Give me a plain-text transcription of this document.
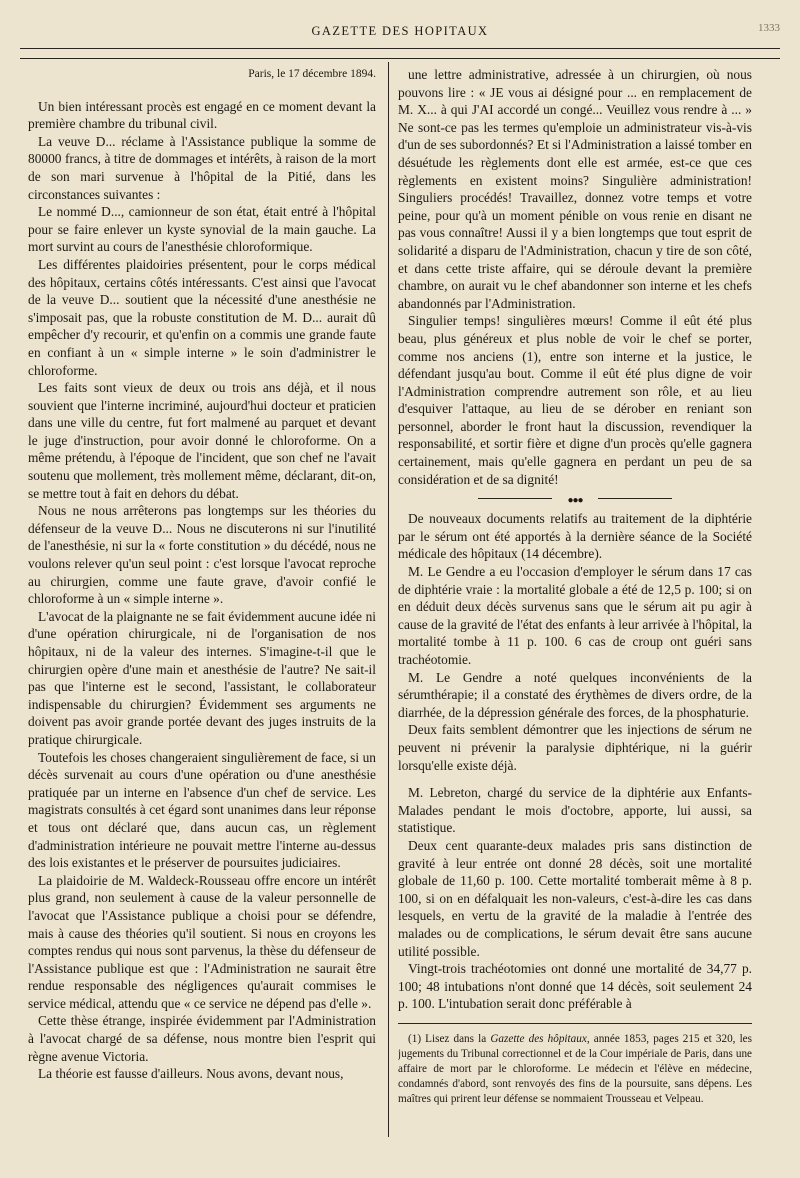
GAZETTE DES HOPITAUX	1333

Paris, le 17 décembre 1894.

Un bien intéressant procès est engagé en ce moment devant la première chambre du tribunal civil.

La veuve D... réclame à l'Assistance publique la somme de 80000 francs, à titre de dommages et intérêts, à raison de la mort de son mari survenue à l'hôpital de la Pitié, dans les circonstances suivantes :

Le nommé D..., camionneur de son état, était entré à l'hôpital pour se faire enlever un kyste synovial de la main gauche. La mort survint au cours de l'anesthésie chloroformique.

Les différentes plaidoiries présentent, pour le corps médical des hôpitaux, certains côtés intéressants. C'est ainsi que l'avocat de la veuve D... soutient que la nécessité d'une anesthésie ne s'imposait pas, que la robuste constitution de M. D... aurait dû empêcher d'y recourir, et qu'enfin on a commis une grande faute en confiant à un « simple interne » le soin d'administrer le chloroforme.

Les faits sont vieux de deux ou trois ans déjà, et il nous souvient que l'interne incriminé, aujourd'hui docteur et praticien dans une ville du centre, fut fort malmené au parquet et devant le juge d'instruction, pour avoir donné le chloroforme. On a même prétendu, à l'époque de l'incident, que son chef ne l'avait soutenu que mollement, très mollement même, déclarant, dit-on, se mettre tout à fait en dehors du débat.

Nous ne nous arrêterons pas longtemps sur les théories du défenseur de la veuve D... Nous ne discuterons ni sur l'inutilité de l'anesthésie, ni sur la « forte constitution » du décédé, nous ne voulons relever qu'un seul point : c'est lorsque l'avocat reproche au chirurgien, comme une faute grave, d'avoir confié le chloroforme à un « simple interne ».

L'avocat de la plaignante ne se fait évidemment aucune idée ni d'une opération chirurgicale, ni de l'organisation de nos hôpitaux, ni de la valeur des internes. S'imagine-t-il que le chirurgien opère d'une main et anesthésie de l'autre? Ne sait-il pas que l'interne est le second, l'assistant, le collaborateur indispensable du chirurgien? Évidemment ses arguments ne doivent pas avoir grande portée devant des juges instruits de la pratique chirurgicale.

Toutefois les choses changeraient singulièrement de face, si un décès survenait au cours d'une opération ou d'une anesthésie pratiquée par un interne en l'absence d'un chef de service. Les magistrats consultés à cet égard sont unanimes dans leur réponse et tous ont déclaré que, dans aucun cas, un règlement d'administration intérieure ne pouvait mettre l'interne au-dessus des lois existantes et le préserver de poursuites judiciaires.

La plaidoirie de M. Waldeck-Rousseau offre encore un intérêt plus grand, non seulement à cause de la valeur personnelle de l'avocat que l'Assistance publique a choisi pour se défendre, mais à cause des théories qu'il soutient. Si nous en croyons les comptes rendus qui nous sont parvenus, la thèse du défenseur de l'Assistance publique est que : l'Administration ne saurait être rendue responsable des négligences qu'aurait commises le service médical, attendu que « ce service ne dépend pas d'elle ».

Cette thèse étrange, inspirée évidemment par l'Administration à l'avocat chargé de sa défense, nous montre bien l'esprit qui règne avenue Victoria.

La théorie est fausse d'ailleurs. Nous avons, devant nous,

une lettre administrative, adressée à un chirurgien, où nous pouvons lire : « JE vous ai désigné pour ... en remplacement de M. X... à qui J'AI accordé un congé... Veuillez vous rendre à ... » Ne sont-ce pas les termes qu'emploie un administrateur vis-à-vis d'un de ses subordonnés? Et si l'Administration a laissé tomber en désuétude les règlements dont elle est armée, est-ce que ces règlements en existent moins? Singulière administration! Singuliers procédés! Travaillez, donnez votre temps et votre peine, pour qu'à un moment pénible on vous renie en disant ne pas vous connaître! Aussi il y a bien longtemps que tout esprit de solidarité a disparu de l'Administration, chacun y tire de son côté, et dans cette triste affaire, qui se déroule devant la première chambre, on aurait vu le chef abandonner son interne et les chefs abandonnés par l'Administration.

Singulier temps! singulières mœurs! Comme il eût été plus beau, plus généreux et plus noble de voir le chef se porter, comme nos anciens (1), entre son interne et la justice, le défendant jusqu'au bout. Comme il eût été plus digne de voir l'Administration comprendre autrement son rôle, et au lieu d'esquiver l'attaque, au lieu de se dérober en reniant son personnel, aborder le front haut la discussion, revendiquer la responsabilité, et sortir fière et digne d'un procès qu'elle gagnera certainement, mais qu'elle gagnera en perdant un peu de sa considération et de sa dignité!

●●●

De nouveaux documents relatifs au traitement de la diphtérie par le sérum ont été apportés à la dernière séance de la Société médicale des hôpitaux (14 décembre).

M. Le Gendre a eu l'occasion d'employer le sérum dans 17 cas de diphtérie vraie : la mortalité globale a été de 12,5 p. 100; si on en déduit deux décès survenus sans que le sérum ait pu agir à cause de la gravité de l'état des enfants à leur arrivée à l'hôpital, la mortalité tombe à 11 p. 100. 6 cas de croup ont guéri sans trachéotomie.

M. Le Gendre a noté quelques inconvénients de la sérumthérapie; il a constaté des érythèmes de divers ordre, de la diarrhée, de la dépression générale des forces, de la phosphaturie.

Deux faits semblent démontrer que les injections de sérum ne peuvent ni prévenir la paralysie diphtérique, ni la guérir lorsqu'elle existe déjà.

M. Lebreton, chargé du service de la diphtérie aux Enfants-Malades pendant le mois d'octobre, apporte, lui aussi, sa statistique.

Deux cent quarante-deux malades pris sans distinction de gravité à leur entrée ont donné 28 décès, soit une mortalité globale de 11,60 p. 100. Cette mortalité tomberait même à 8 p. 100, si on en défalquait les non-valeurs, c'est-à-dire les cas dans lesquels, en vertu de la gravité de la maladie à l'entrée des malades ou de complications, le sérum devait être sans aucune utilité possible.

Vingt-trois trachéotomies ont donné une mortalité de 34,77 p. 100; 48 intubations n'ont donné que 14 décès, soit seulement 24 p. 100. L'intubation serait donc préférable à

(1) Lisez dans la Gazette des hôpitaux, année 1853, pages 215 et 320, les jugements du Tribunal correctionnel et de la Cour impériale de Paris, dans une affaire de mort par le chloroforme. Le médecin et l'élève en médecine, condamnés d'abord, sont renvoyés des fins de la poursuite, sans dépens. Les maîtres qui prirent leur défense se nommaient Trousseau et Velpeau.
